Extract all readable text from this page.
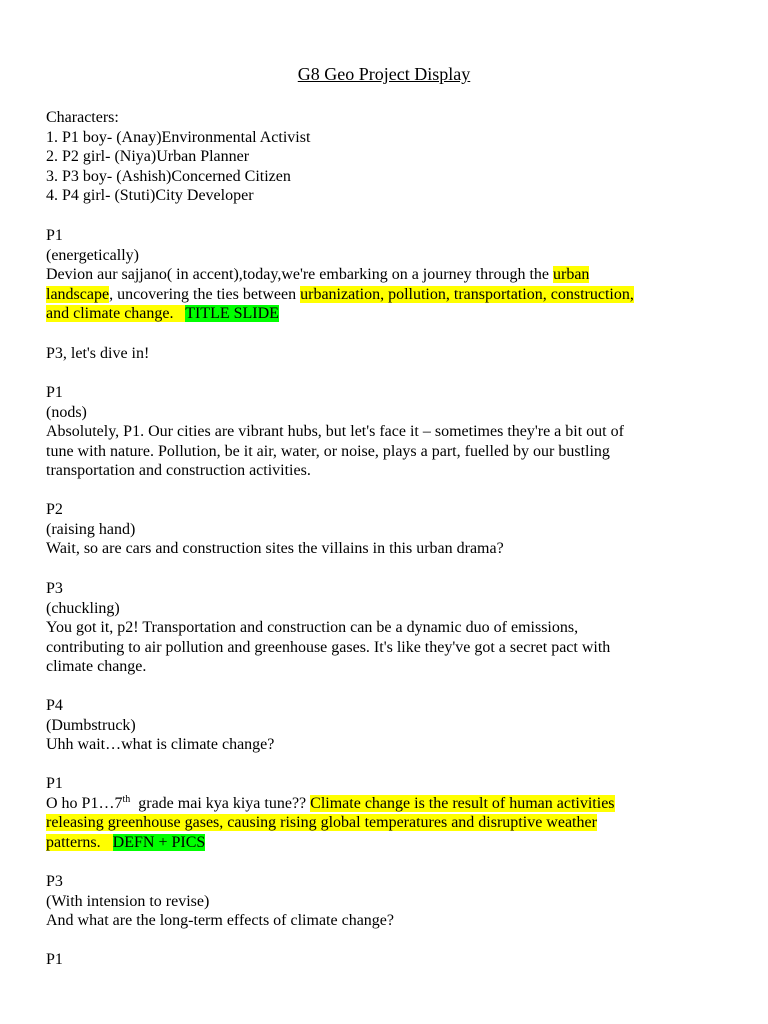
G8 Geo Project Display
Characters:
1. P1 boy- (Anay)Environmental Activist
2. P2 girl- (Niya)Urban Planner
3. P3 boy- (Ashish)Concerned Citizen
4. P4 girl- (Stuti)City Developer
P1
(energetically)
Devion aur sajjano( in accent),today,we're embarking on a journey through the urban
landscape, uncovering the ties between urbanization, pollution, transportation, construction,
and climate change.   TITLE SLIDE
P3, let's dive in!
P1
(nods)
Absolutely, P1. Our cities are vibrant hubs, but let's face it – sometimes they're a bit out of
tune with nature. Pollution, be it air, water, or noise, plays a part, fuelled by our bustling
transportation and construction activities.
P2
(raising hand)
Wait, so are cars and construction sites the villains in this urban drama?
P3
(chuckling)
You got it, p2! Transportation and construction can be a dynamic duo of emissions,
contributing to air pollution and greenhouse gases. It's like they've got a secret pact with
climate change.
P4
(Dumbstruck)
Uhh wait…what is climate change?
P1
O ho P1…7th  grade mai kya kiya tune?? Climate change is the result of human activities
releasing greenhouse gases, causing rising global temperatures and disruptive weather
patterns.   DEFN + PICS
P3
(With intension to revise)
And what are the long-term effects of climate change?
P1
